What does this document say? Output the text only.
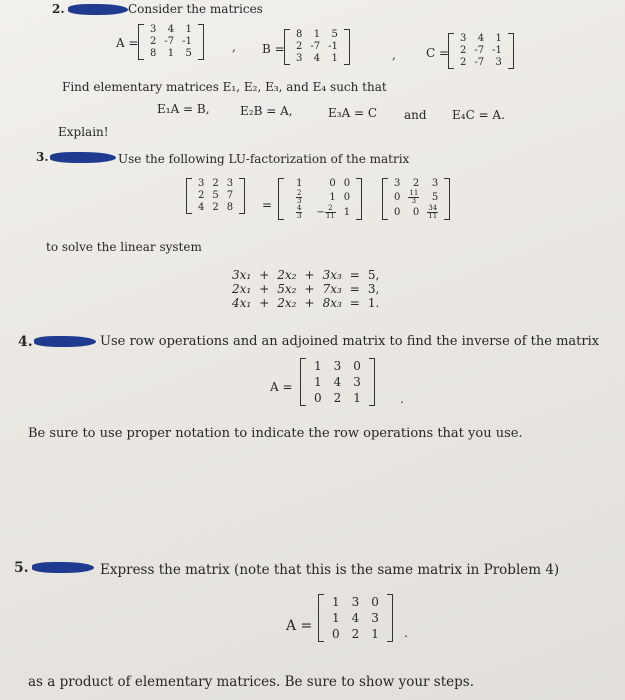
2.	Consider the matrices
A =
3	4	1
2	-7	-1
8	1	5	, B =
8	1	5
2	-7	-1
3	4	1	,	C =
3	4	1
2	-7	-1
2	-7	3
Find elementary matrices E₁, E₂, E₃, and E₄ such that
E₁A = B,	E₂B = A,	E₃A = C and E₄C = A.
Explain!
3.	Use the following LU-factorization of the matrix
3	2	3
2	5	7
4	2	8 =
1	0	0

$\frac{2}{3}$	1	0

$\frac{4}{3}$	− $\frac{2}{11}$	1
3	2	3
0	$\frac{11}{3}$	5
0	0	$\frac{34}{11}$
to solve the linear system
3x₁	+	2x₂	+	3x₃	=	5,
2x₁	+	5x₂	+	7x₃	=	3,
4x₁	+	2x₂	+	8x₃	=	1.
4.	Use row operations and an adjoined matrix to find the inverse of the matrix
A =
1	3	0
1	4	3
0	2	1	.
Be sure to use proper notation to indicate the row operations that you use.
5.	Express the matrix (note that this is the same matrix in Problem 4)
A =
1	3	0
1	4	3
0	2	1 .
as a product of elementary matrices. Be sure to show your steps.
